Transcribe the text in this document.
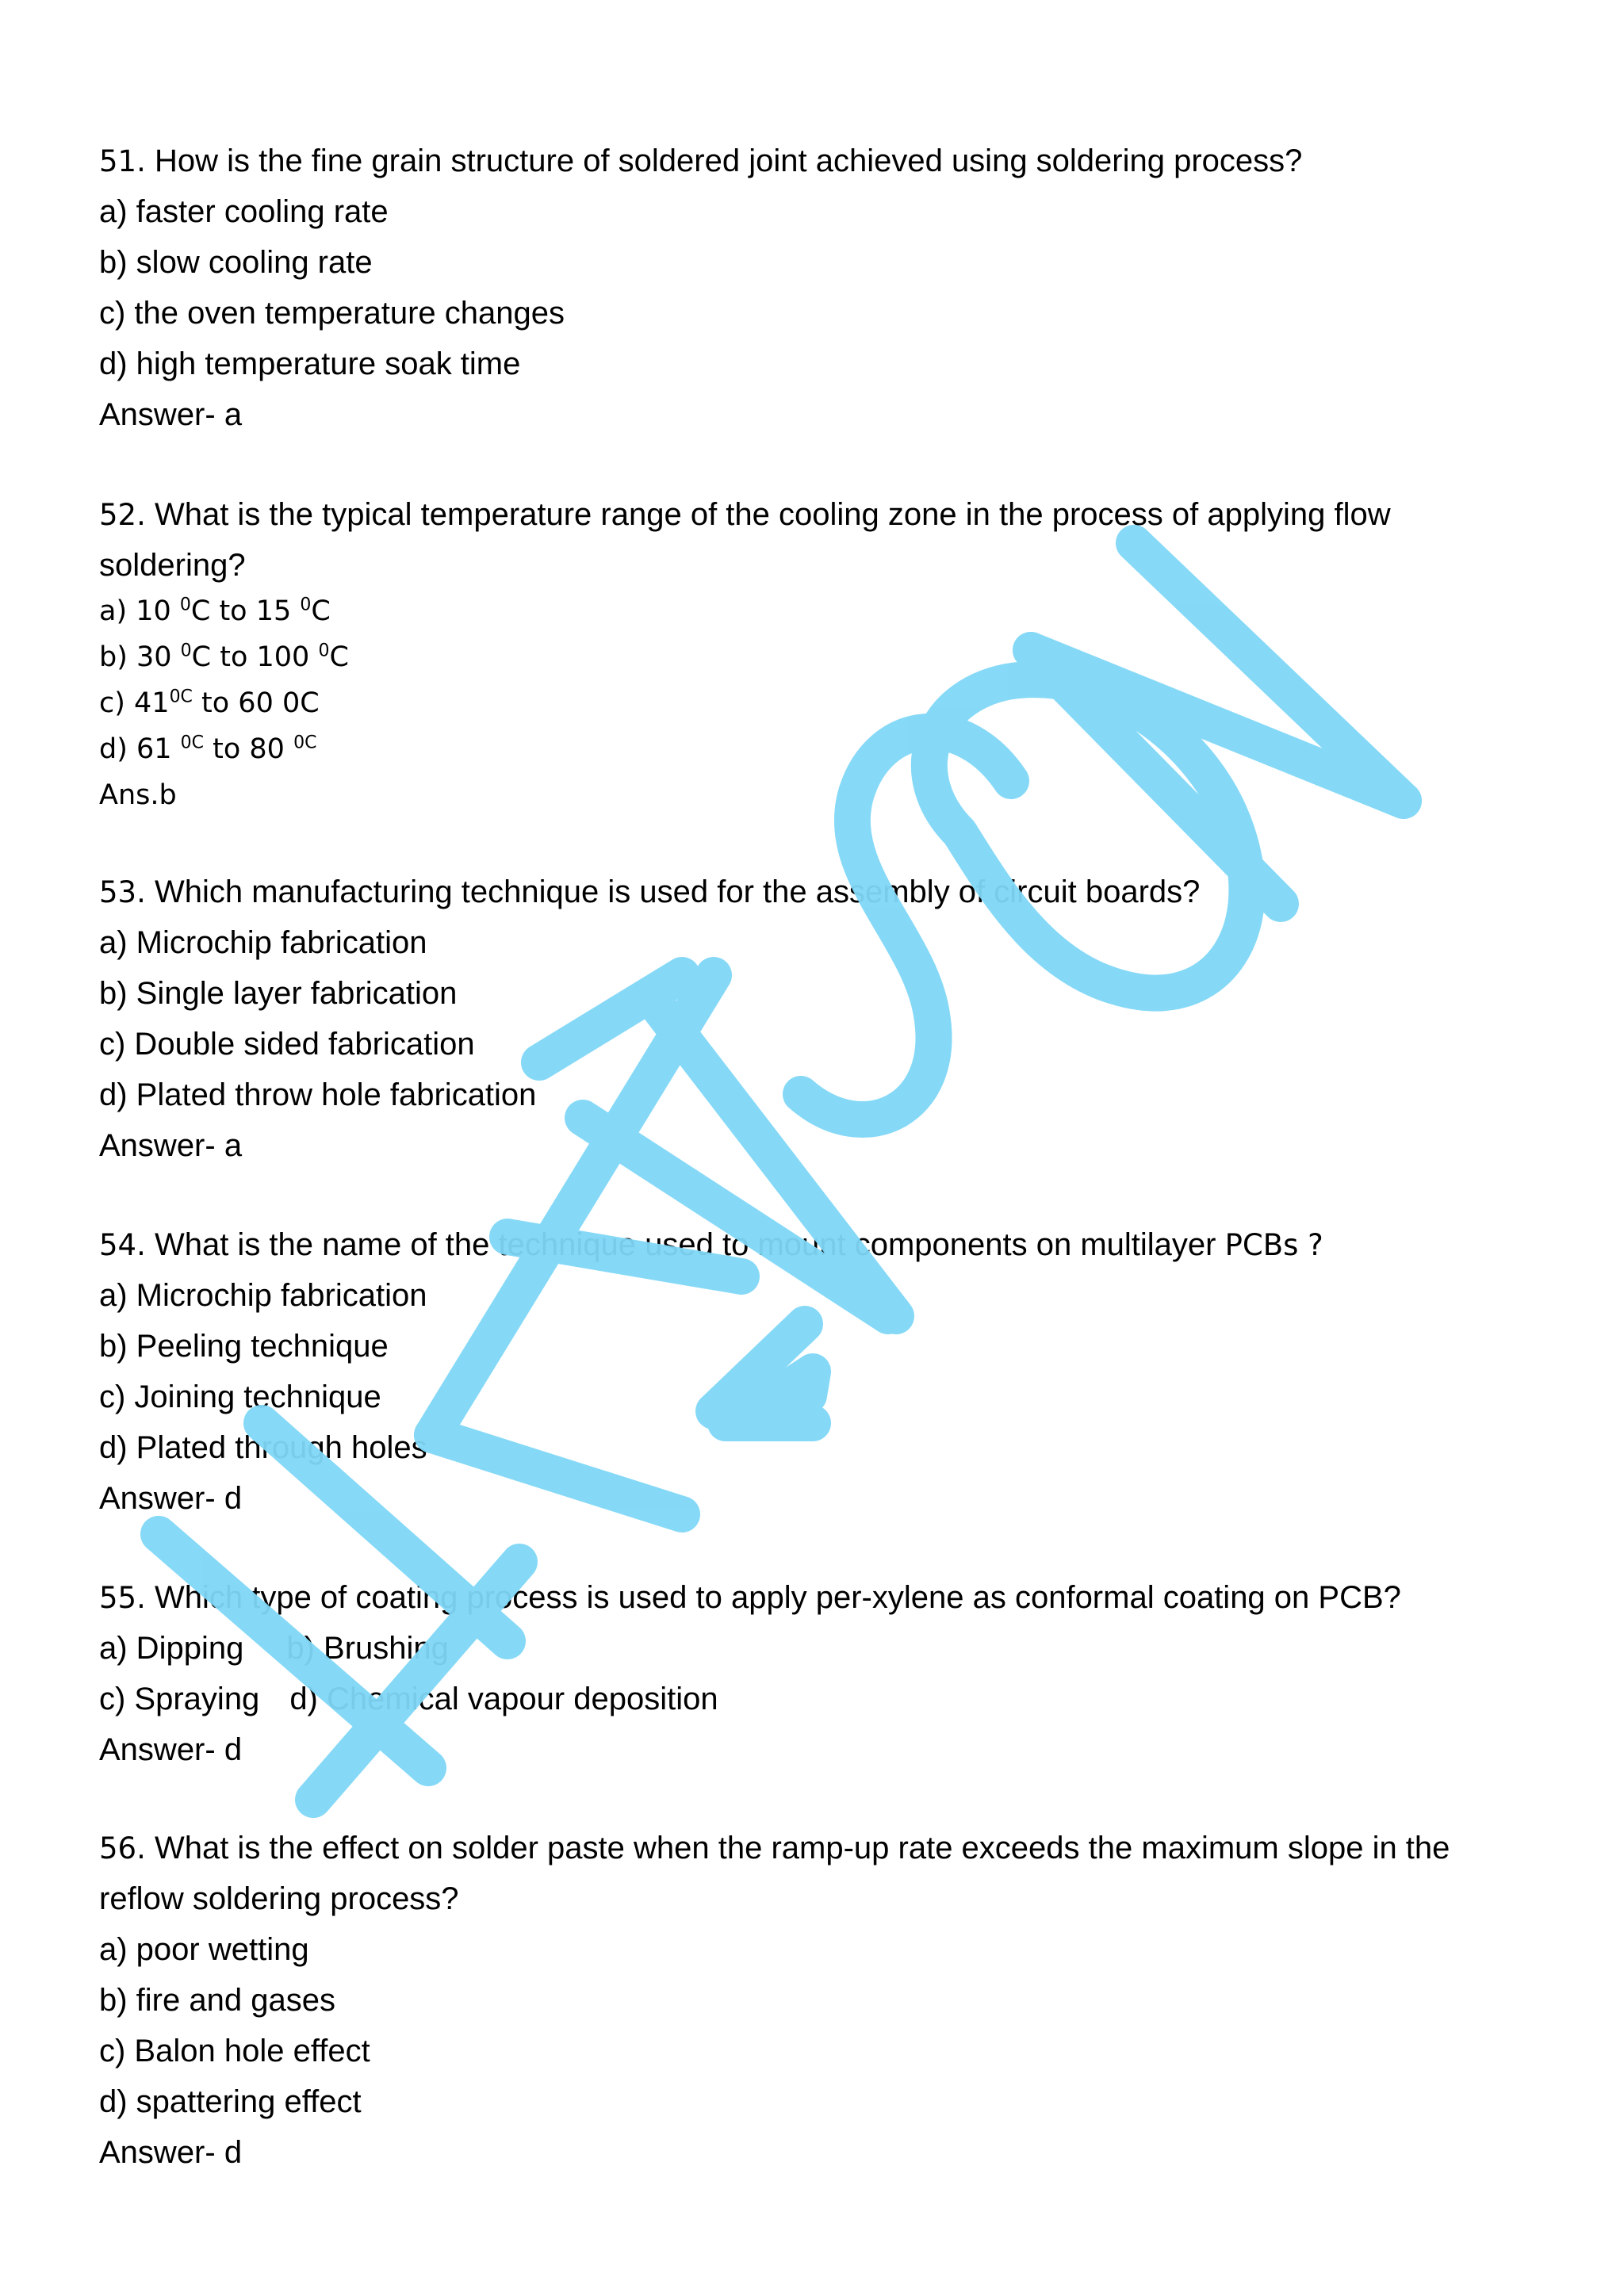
51. How is the fine grain structure of soldered joint achieved using soldering process?
a) faster cooling rate
b) slow cooling rate
c) the oven temperature changes
d) high temperature soak time
Answer- a
52. What is the typical temperature range of the cooling zone in the process of applying flow
soldering?
a) 10 $^0$C to 15 $^0$C
b) 30 $^0$C to 100 $^0$C
c) $41^{0C}$ to 60 0C
d) 61 $^{0C}$ to 80 $^{0C}$
Ans.b
53. Which manufacturing technique is used for the assembly of circuit boards?
a) Microchip fabrication
b) Single layer fabrication
c) Double sided fabrication
d) Plated throw hole fabrication
Answer- a
54. What is the name of the technique used to mount components on multilayer PCBs ?
a) Microchip fabrication
b) Peeling technique
c) Joining technique
d) Plated through holes
Answer- d
55. Which type of coating process is used to apply per-xylene as conformal coating on PCB?
a) Dipping b) Brushing
c) Spraying d) Chemical vapour deposition
Answer- d
56. What is the effect on solder paste when the ramp-up rate exceeds the maximum slope in the
reflow soldering process?
a) poor wetting
b) fire and gases
c) Balon hole effect
d) spattering effect
Answer- d
